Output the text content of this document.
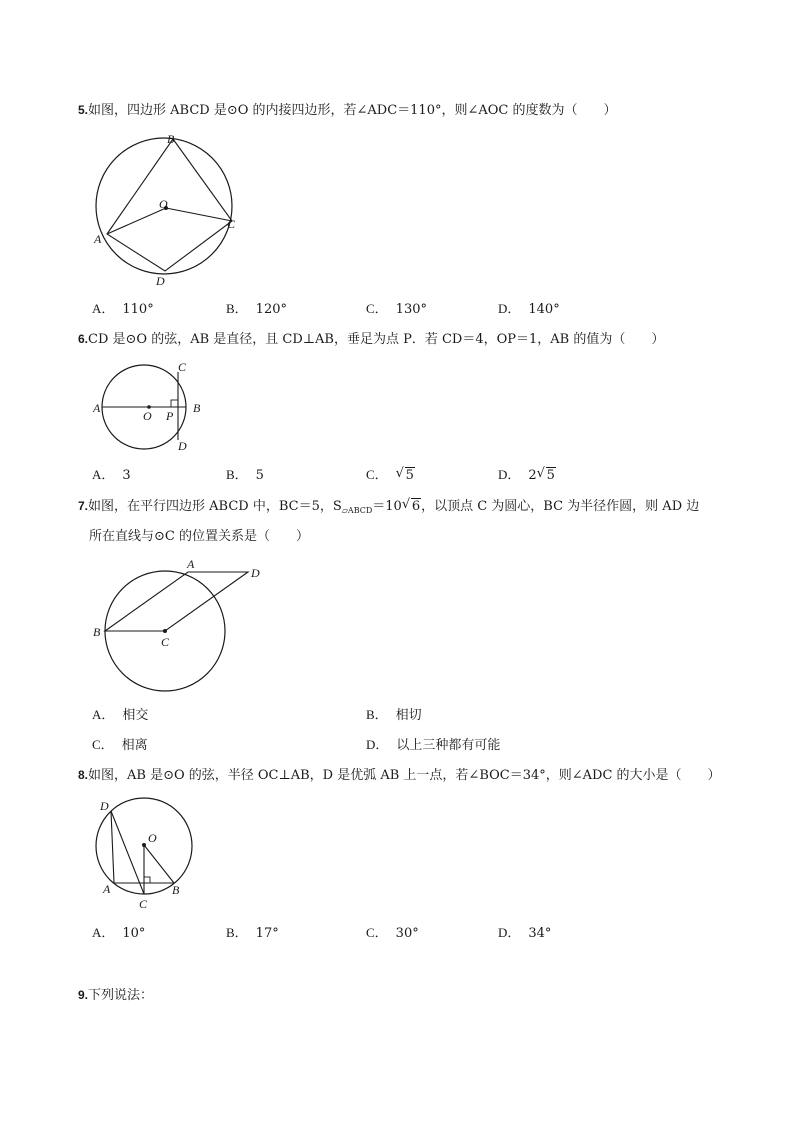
5.如图，四边形 ABCD 是⊙O 的内接四边形，若∠ADC＝110°，则∠AOC 的度数为（　　）
B
O
C
A
D
A． 110°	B． 120°	C． 130°	D． 140°
6.CD 是⊙O 的弦，AB 是直径，且 CD⊥AB，垂足为点 P．若 CD＝4，OP＝1，AB 的值为（　　）
C
A
O P
B
D
A． 3	B． 5	C． √ 5	D． 2 √ 5
7.如图，在平行四边形 ABCD 中，BC＝5，$S_{▱ABCD}=10$ √ 6，以顶点 C 为圆心，BC 为半径作圆，则 AD 边
所在直线与⊙C 的位置关系是（　　）
A
D
B
C
A． 相交	B． 相切
C． 相离	D． 以上三种都有可能
8.如图，AB 是⊙O 的弦，半径 OC⊥AB，D 是优弧 AB 上一点，若∠BOC＝34°，则∠ADC 的大小是（　　）
D
O
A	B
C
A． 10°	B． 17°	C． 30°	D． 34°
9.下列说法：
